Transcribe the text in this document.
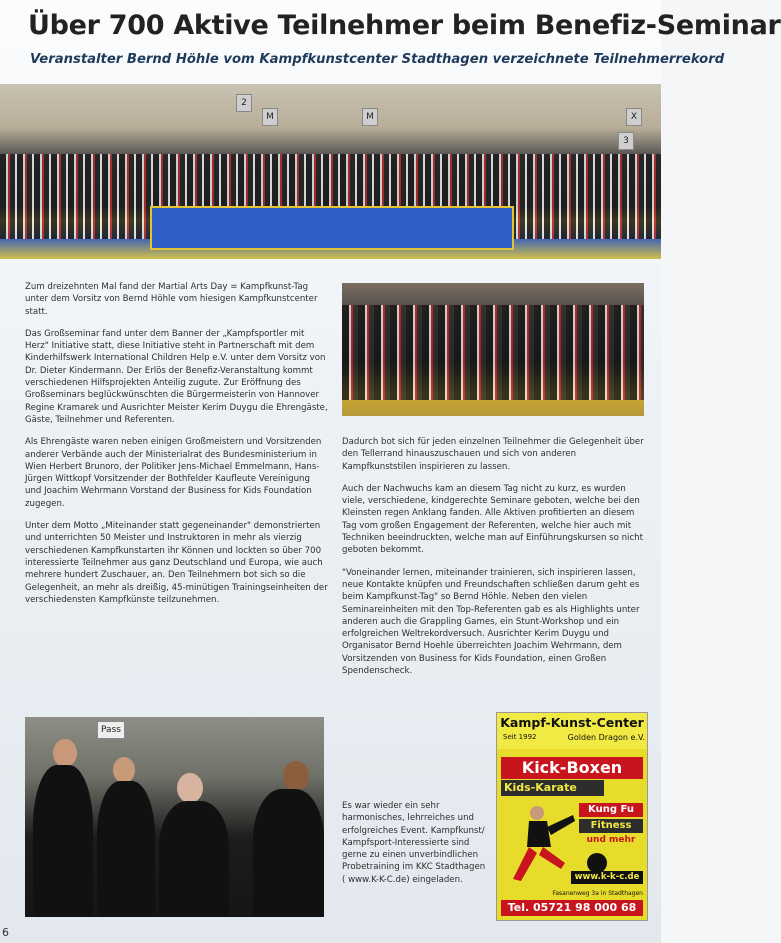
Über 700 Aktive Teilnehmer beim Benefiz-Seminar
Veranstalter Bernd Höhle vom Kampfkunstcenter Stadthagen verzeichnete Teilnehmerrekord
2
M	M	X
3
Pass

Zum dreizehnten Mal fand der Martial Arts Day = Kampfkunst-Tag unter dem Vorsitz von Bernd Höhle vom hiesigen Kampfkunstcenter statt.

Das Großseminar fand unter dem Banner der „Kampfsportler mit Herz" Initiative statt, diese Initiative steht in Partnerschaft mit dem Kinderhilfswerk International Children Help e.V. unter dem Vorsitz von Dr. Dieter Kindermann. Der Erlös der Benefiz-Veranstaltung kommt verschiedenen Hilfsprojekten Anteilig zugute. Zur Eröffnung des Großseminars beglückwünschten die Bürgermeisterin von Hannover Regine Kramarek und Ausrichter Meister Kerim Duygu die Ehrengäste, Gäste, Teilnehmer und Referenten.

Als Ehrengäste waren neben einigen Großmeistern und Vorsitzenden anderer Verbände auch der Ministerialrat des Bundesministerium in Wien Herbert Brunoro, der Politiker Jens-Michael Emmelmann, Hans-Jürgen Wittkopf Vorsitzender der Bothfelder Kaufleute Vereinigung und Joachim Wehrmann Vorstand der Business for Kids Foundation zugegen.

Unter dem Motto „Miteinander statt gegeneinander" demonstrierten und unterrichten 50 Meister und Instruktoren in mehr als vierzig verschiedenen Kampfkunstarten ihr Können und lockten so über 700 interessierte Teilnehmer aus ganz Deutschland und Europa, wie auch mehrere hundert Zuschauer, an. Den Teilnehmern bot sich so die Gelegenheit, an mehr als dreißig, 45-minütigen Trainingseinheiten der verschiedensten Kampfkünste teilzunehmen.

Dadurch bot sich für jeden einzelnen Teilnehmer die Gelegenheit über den Tellerrand hinauszuschauen und sich von anderen Kampfkunststilen inspirieren zu lassen.

Auch der Nachwuchs kam an diesem Tag nicht zu kurz, es wurden viele, verschiedene, kindgerechte Seminare geboten, welche bei den Kleinsten regen Anklang fanden. Alle Aktiven profitierten an diesem Tag vom großen Engagement der Referenten, welche hier auch mit Techniken beeindruckten, welche man auf Einführungskursen so nicht geboten bekommt.

"Voneinander lernen, miteinander trainieren, sich inspirieren lassen, neue Kontakte knüpfen und Freundschaften schließen darum geht es beim Kampfkunst-Tag" so Bernd Höhle. Neben den vielen Seminareinheiten mit den Top-Referenten gab es als Highlights unter anderen auch die Grappling Games, ein Stunt-Workshop und ein erfolgreichen Weltrekordversuch. Ausrichter Kerim Duygu und Organisator Bernd Hoehle überreichten Joachim Wehrmann, dem Vorsitzenden von Business for Kids Foundation, einen Großen Spendenscheck.

Es war wieder ein sehr harmonisches, lehrreiches und erfolgreiches Event. Kampfkunst/ Kampfsport-Interessierte sind gerne zu einen unverbindlichen Probetraining im KKC Stadthagen ( www.K-K-C.de) eingeladen.

Kampf-Kunst-Center
Seit 1992	Golden Dragon e.V.
Kick-Boxen
Kids-Karate
Kung Fu
Fitness
und mehr
www.k-k-c.de
Fasanenweg 3a in Stadthagen
Tel. 05721 98 000 68
6
